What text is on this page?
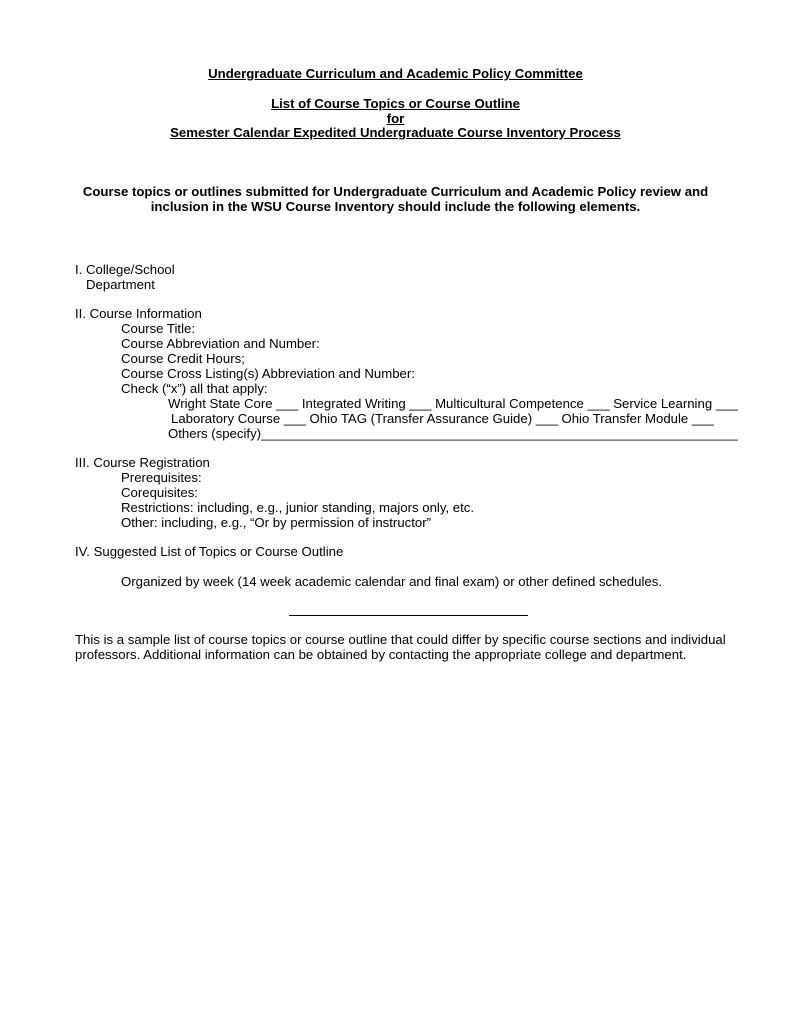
Undergraduate Curriculum and Academic Policy Committee
List of Course Topics or Course Outline
for
Semester Calendar Expedited Undergraduate Course Inventory Process
Course topics or outlines submitted for Undergraduate Curriculum and Academic Policy review and
inclusion in the WSU Course Inventory should include the following elements.
I. College/School
Department
II. Course Information
Course Title:
Course Abbreviation and Number:
Course Credit Hours;
Course Cross Listing(s) Abbreviation and Number:
Check (“x”) all that apply:
Wright State Core ___ Integrated Writing ___ Multicultural Competence ___ Service Learning ___
Laboratory Course ___ Ohio TAG (Transfer Assurance Guide) ___ Ohio Transfer Module ___
Others (specify)_________________________________________________________________
III. Course Registration
Prerequisites:
Corequisites:
Restrictions: including, e.g., junior standing, majors only, etc.
Other: including, e.g., “Or by permission of instructor”
IV. Suggested List of Topics or Course Outline
Organized by week (14 week academic calendar and final exam) or other defined schedules.
This is a sample list of course topics or course outline that could differ by specific course sections and individual professors. Additional information can be obtained by contacting the appropriate college and department.
